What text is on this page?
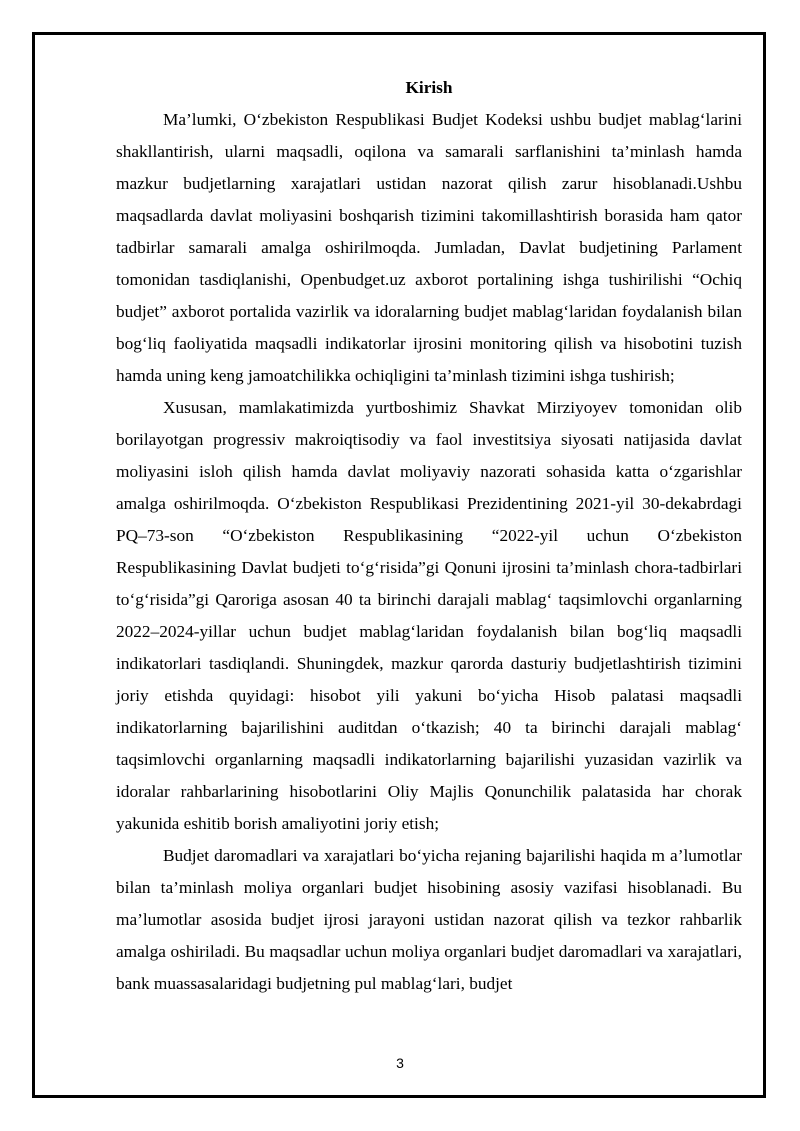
Kirish

Ma’lumki, O‘zbekiston Respublikasi Budjet Kodeksi ushbu budjet mablag‘larini shakllantirish, ularni maqsadli, oqilona va samarali sarflanishini ta’minlash hamda mazkur budjetlarning xarajatlari ustidan nazorat qilish zarur hisoblanadi.Ushbu maqsadlarda davlat moliyasini boshqarish tizimini takomillashtirish borasida ham qator tadbirlar samarali amalga oshirilmoqda. Jumladan, Davlat budjetining Parlament tomonidan tasdiqlanishi, Openbudget.uz axborot portalining ishga tushirilishi “Ochiq budjet” axborot portalida vazirlik va idoralarning budjet mablag‘laridan foydalanish bilan bog‘liq faoliyatida maqsadli indikatorlar ijrosini monitoring qilish va hisobotini tuzish hamda uning keng jamoatchilikka ochiqligini ta’minlash tizimini ishga tushirish;

Xususan, mamlakatimizda yurtboshimiz Shavkat Mirziyoyev tomonidan olib borilayotgan progressiv makroiqtisodiy va faol investitsiya siyosati natijasida davlat moliyasini isloh qilish hamda davlat moliyaviy nazorati sohasida katta o‘zgarishlar amalga oshirilmoqda. O‘zbekiston Respublikasi Prezidentining 2021-yil 30-dekabrdagi PQ–73-son “O‘zbekiston Respublikasining “2022-yil uchun O‘zbekiston Respublikasining Davlat budjeti to‘g‘risida”gi Qonuni ijrosini ta’minlash chora-tadbirlari to‘g‘risida”gi Qaroriga asosan 40 ta birinchi darajali mablag‘ taqsimlovchi organlarning 2022–2024-yillar uchun budjet mablag‘laridan foydalanish bilan bog‘liq maqsadli indikatorlari tasdiqlandi. Shuningdek, mazkur qarorda dasturiy budjetlashtirish tizimini joriy etishda quyidagi: hisobot yili yakuni bo‘yicha Hisob palatasi maqsadli indikatorlarning bajarilishini auditdan o‘tkazish; 40 ta birinchi darajali mablag‘ taqsimlovchi organlarning maqsadli indikatorlarning bajarilishi yuzasidan vazirlik va idoralar rahbarlarining hisobotlarini Oliy Majlis Qonunchilik palatasida har chorak yakunida eshitib borish amaliyotini joriy etish;

Budjet daromadlari va xarajatlari bo‘yicha rejaning bajarilishi haqida m a’lumotlar bilan ta’minlash moliya organlari budjet hisobining asosiy vazifasi hisoblanadi. Bu ma’lumotlar asosida budjet ijrosi jarayoni ustidan nazorat qilish va tezkor rahbarlik amalga oshiriladi. Bu maqsadlar uchun moliya organlari budjet daromadlari va xarajatlari, bank muassasalaridagi budjetning pul mablag‘lari, budjet

3
